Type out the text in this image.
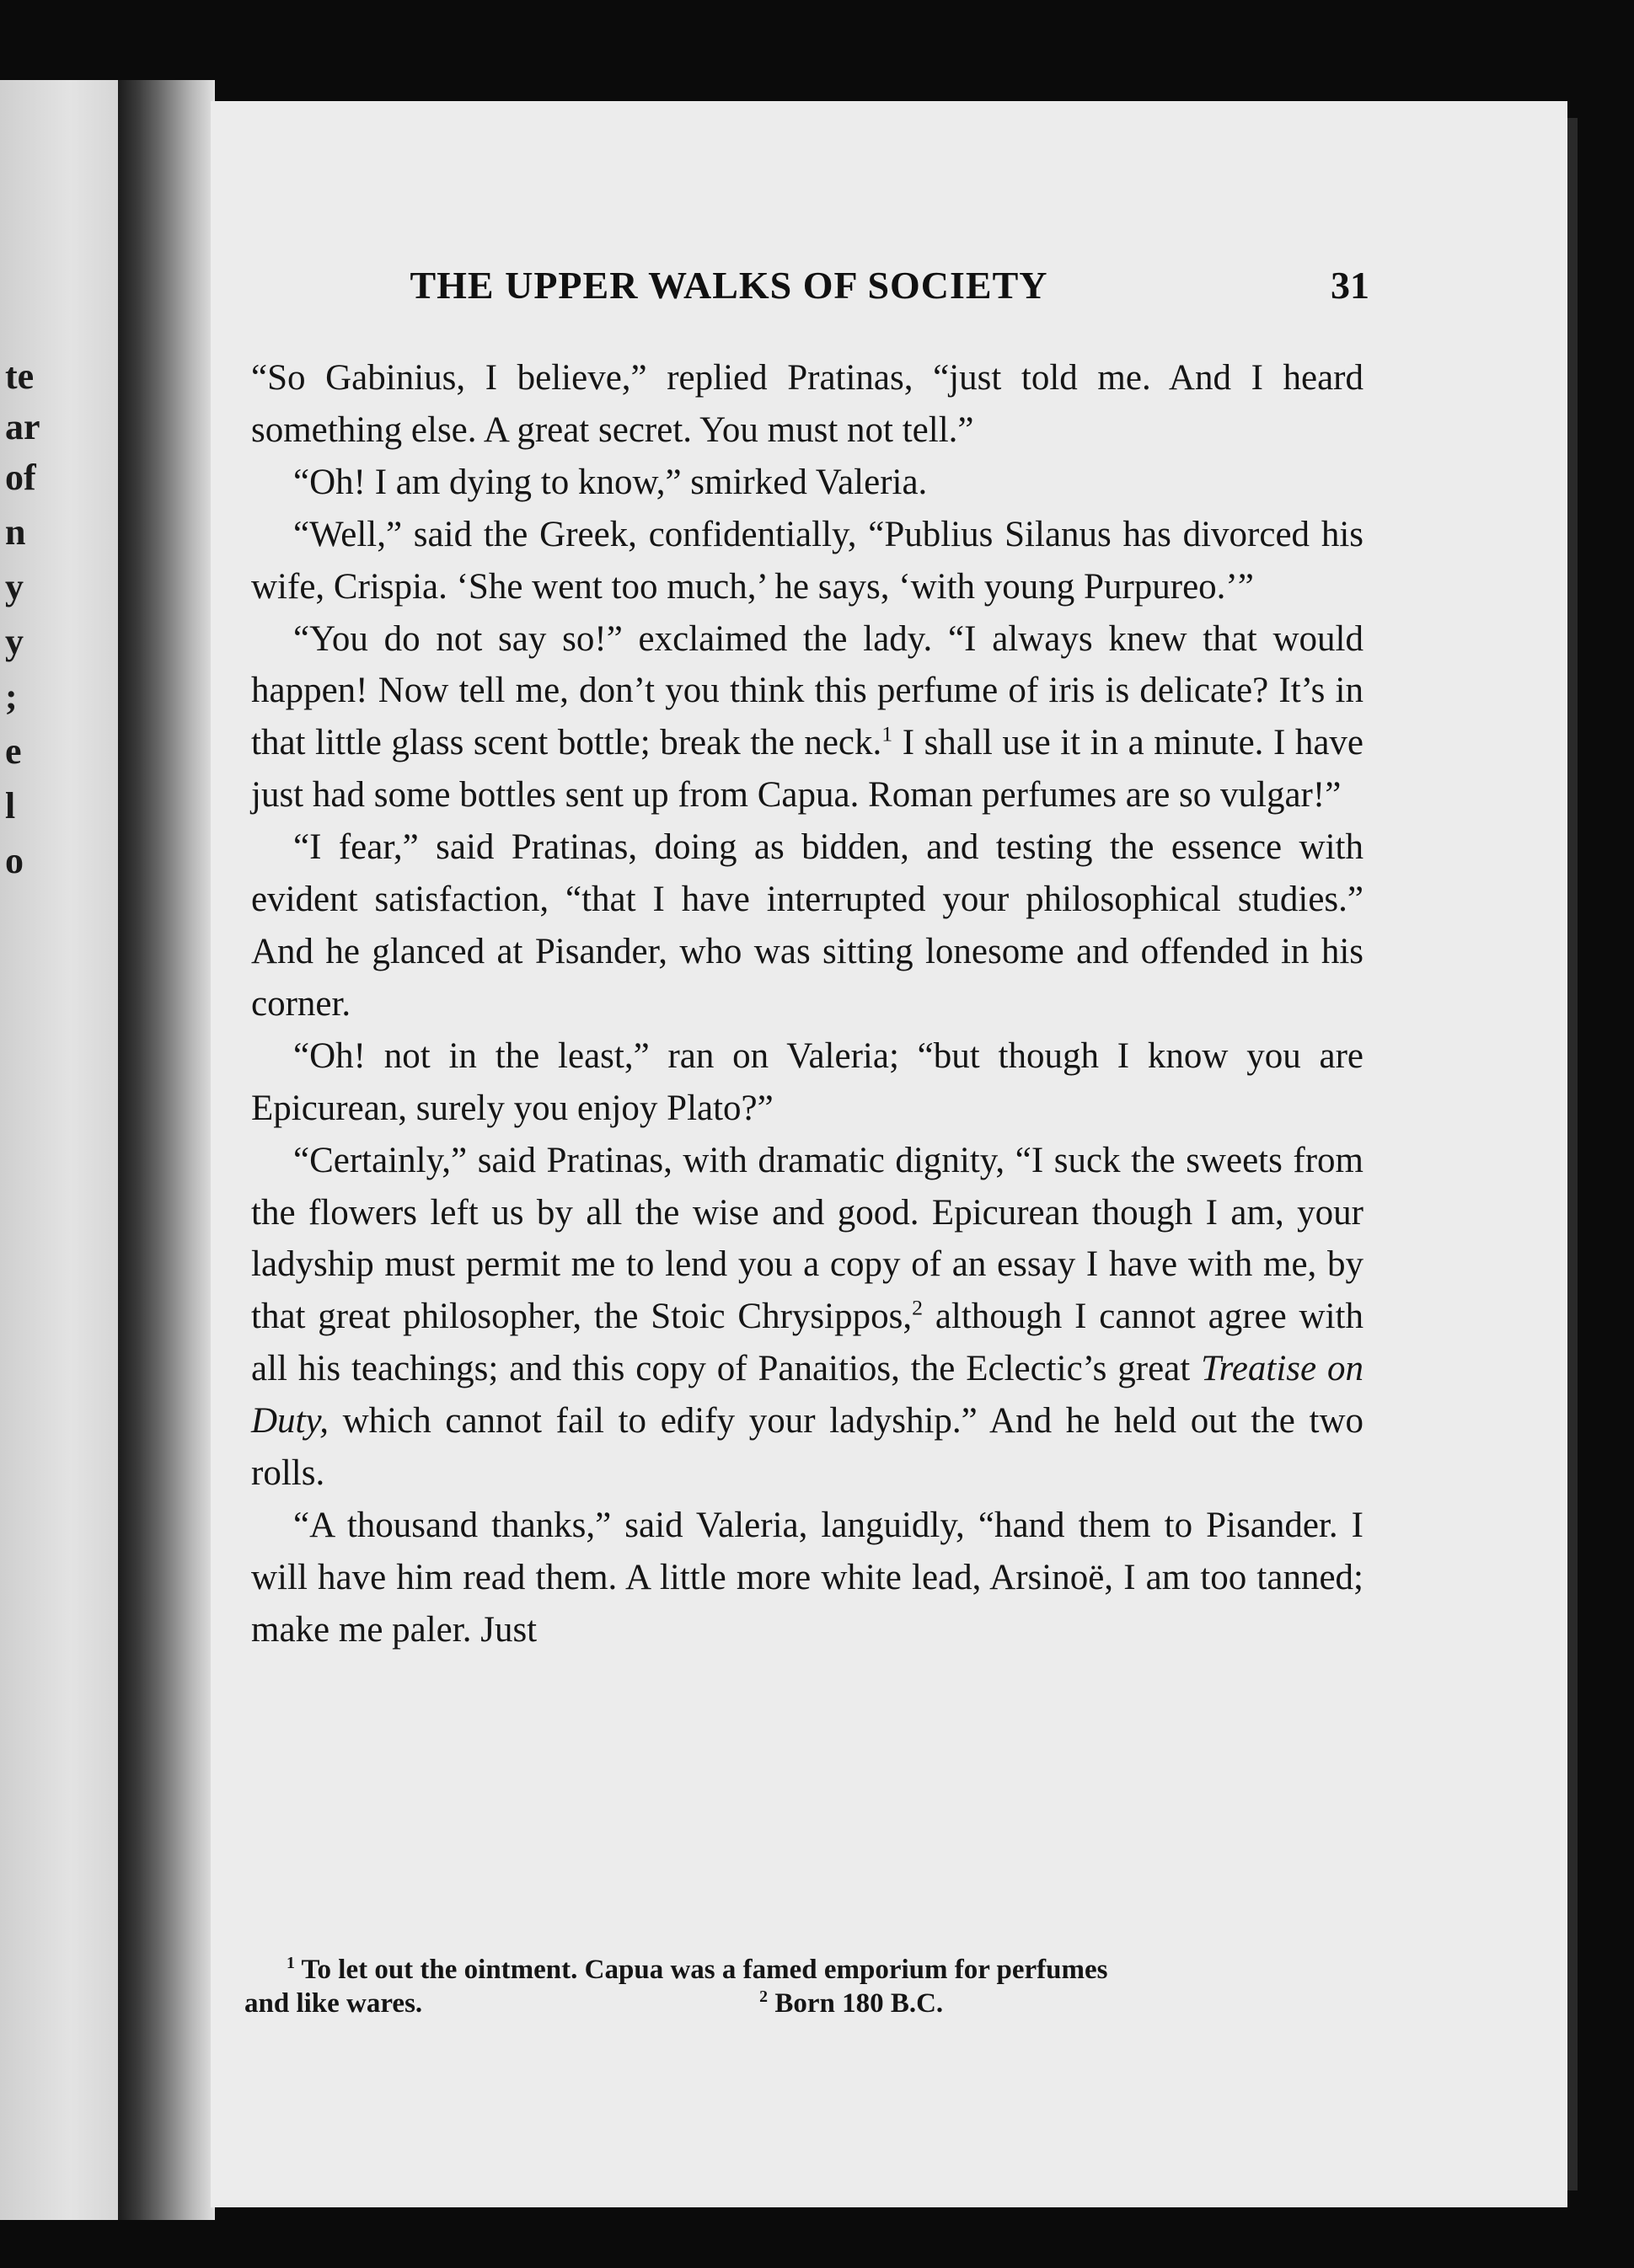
te
ar
of
n
y
y
;
e
l
o
THE UPPER WALKS OF SOCIETY	31

“So Gabinius, I believe,” replied Pratinas, “just told me. And I heard something else. A great secret. You must not tell.”

“Oh! I am dying to know,” smirked Valeria.

“Well,” said the Greek, confidentially, “Publius Silanus has divorced his wife, Crispia. ‘She went too much,’ he says, ‘with young Purpureo.’”

“You do not say so!” exclaimed the lady. “I always knew that would happen! Now tell me, don’t you think this perfume of iris is delicate? It’s in that little glass scent bottle; break the neck.$^1$ I shall use it in a minute. I have just had some bottles sent up from Capua. Roman perfumes are so vulgar!”

“I fear,” said Pratinas, doing as bidden, and testing the essence with evident satisfaction, “that I have interrupted your philosophical studies.” And he glanced at Pisander, who was sitting lonesome and offended in his corner.

“Oh! not in the least,” ran on Valeria; “but though I know you are Epicurean, surely you enjoy Plato?”

“Certainly,” said Pratinas, with dramatic dignity, “I suck the sweets from the flowers left us by all the wise and good. Epicurean though I am, your ladyship must permit me to lend you a copy of an essay I have with me, by that great philosopher, the Stoic Chrysippos,$^2$ although I cannot agree with all his teachings; and this copy of Panaitios, the Eclectic’s great Treatise on Duty, which cannot fail to edify your ladyship.” And he held out the two rolls.

“A thousand thanks,” said Valeria, languidly, “hand them to Pisander. I will have him read them. A little more white lead, Arsinoë, I am too tanned; make me paler. Just

$^1$ To let out the ointment. Capua was a famed emporium for perfumes
and like wares.	$^2$ Born 180 B.C.
